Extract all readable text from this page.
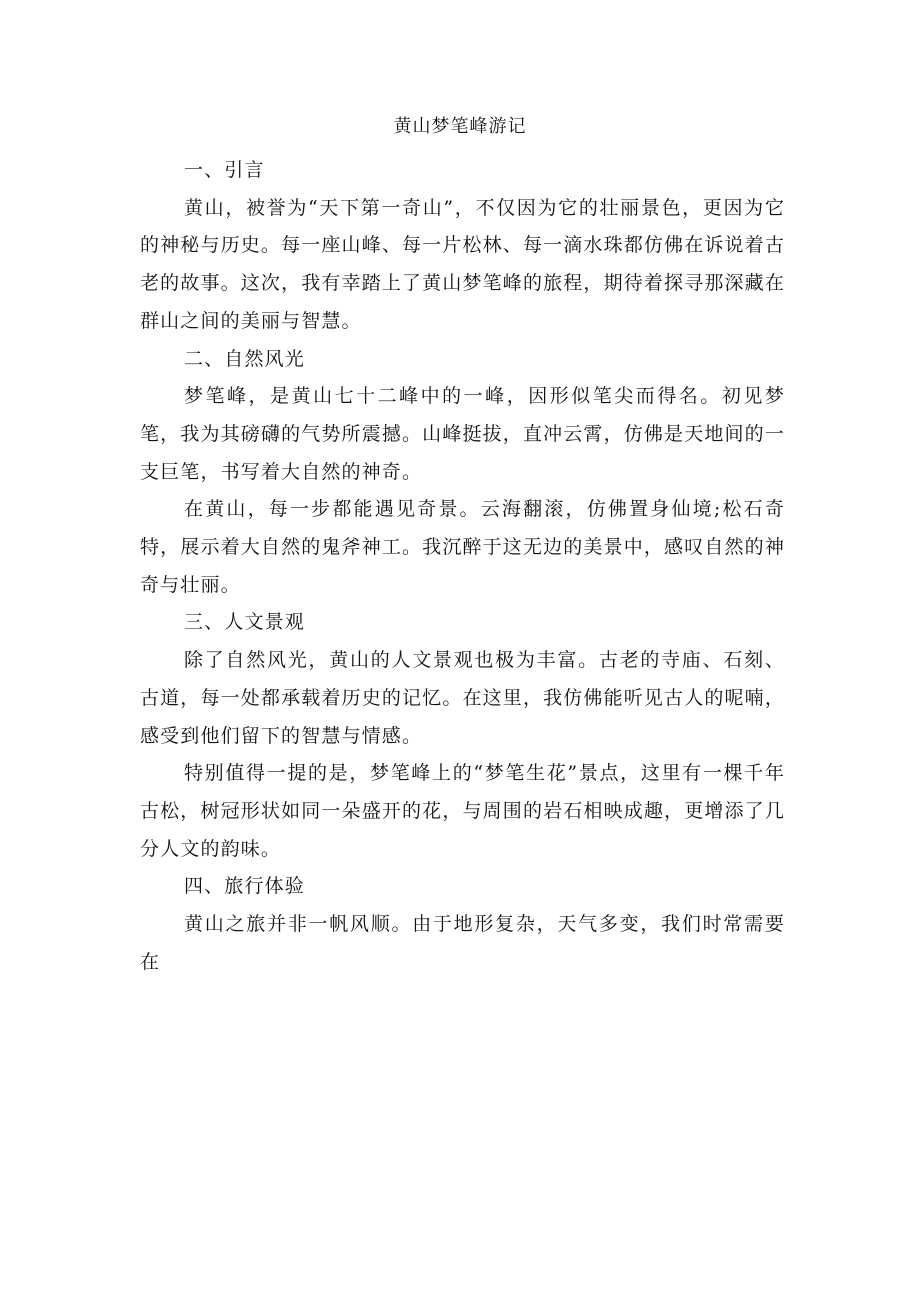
黄山梦笔峰游记

一、引言

黄山，被誉为“天下第一奇山”，不仅因为它的壮丽景色，更因为它的神秘与历史。每一座山峰、每一片松林、每一滴水珠都仿佛在诉说着古老的故事。这次，我有幸踏上了黄山梦笔峰的旅程，期待着探寻那深藏在群山之间的美丽与智慧。

二、自然风光

梦笔峰，是黄山七十二峰中的一峰，因形似笔尖而得名。初见梦笔，我为其磅礴的气势所震撼。山峰挺拔，直冲云霄，仿佛是天地间的一支巨笔，书写着大自然的神奇。

在黄山，每一步都能遇见奇景。云海翻滚，仿佛置身仙境;松石奇特，展示着大自然的鬼斧神工。我沉醉于这无边的美景中，感叹自然的神奇与壮丽。

三、人文景观

除了自然风光，黄山的人文景观也极为丰富。古老的寺庙、石刻、古道，每一处都承载着历史的记忆。在这里，我仿佛能听见古人的呢喃，感受到他们留下的智慧与情感。

特别值得一提的是，梦笔峰上的“梦笔生花”景点，这里有一棵千年古松，树冠形状如同一朵盛开的花，与周围的岩石相映成趣，更增添了几分人文的韵味。

四、旅行体验

黄山之旅并非一帆风顺。由于地形复杂，天气多变，我们时常需要在
